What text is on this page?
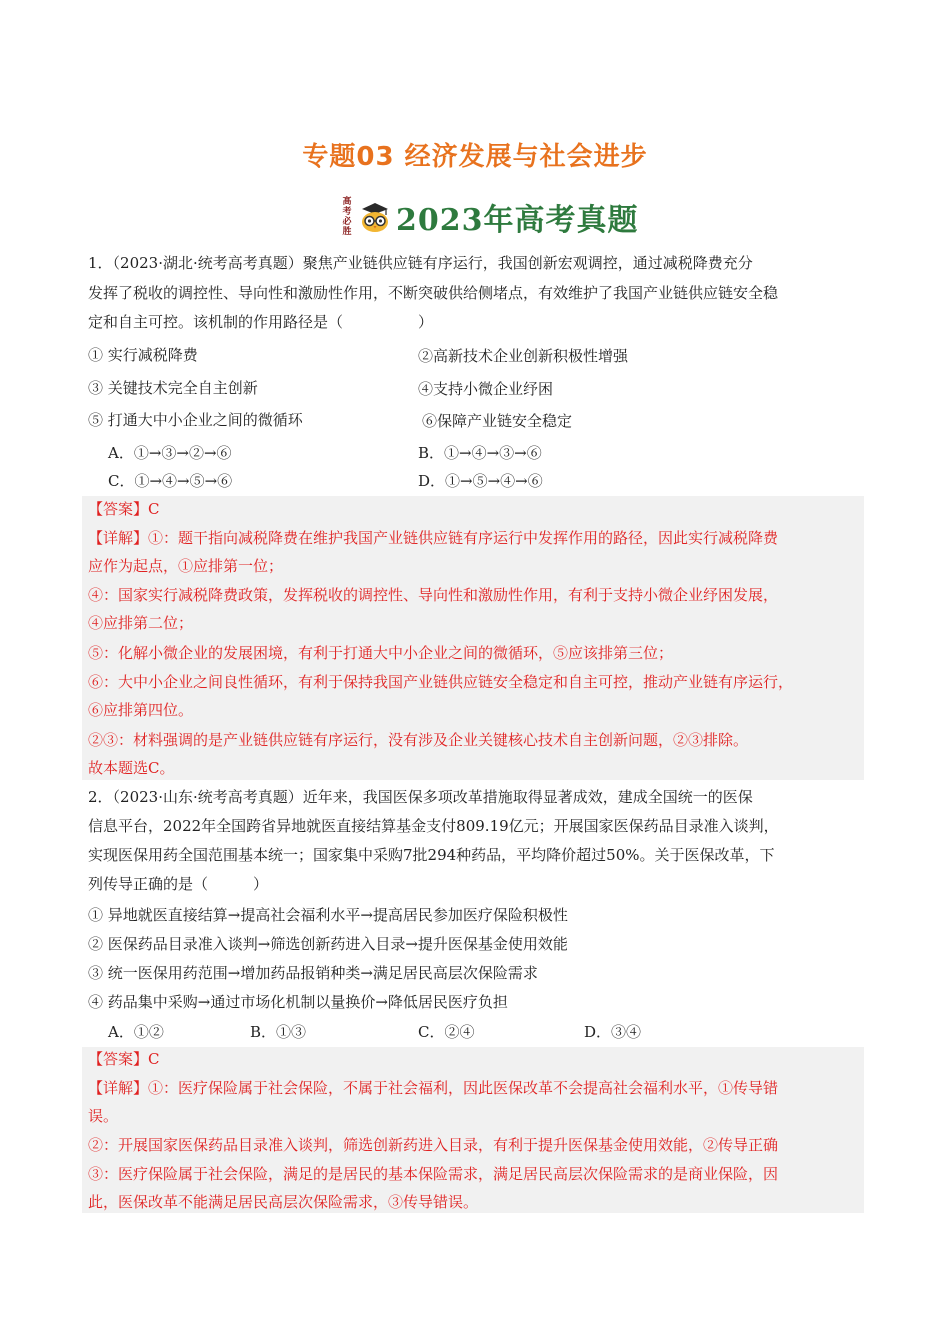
专题03 经济发展与社会进步
高
考
必
胜 2023年高考真题
1．（2023·湖北·统考高考真题）聚焦产业链供应链有序运行，我国创新宏观调控，通过减税降费充分
发挥了税收的调控性、导向性和激励性作用，不断突破供给侧堵点，有效维护了我国产业链供应链安全稳
定和自主可控。该机制的作用路径是（　　　　　）
① 实行减税降费	②高新技术企业创新积极性增强
③ 关键技术完全自主创新	④支持小微企业纾困
⑤ 打通大中小企业之间的微循环	⑥保障产业链安全稳定
A．①→③→②→⑥	B．①→④→③→⑥
C．①→④→⑤→⑥	D．①→⑤→④→⑥
【答案】C
【详解】①：题干指向减税降费在维护我国产业链供应链有序运行中发挥作用的路径，因此实行减税降费
应作为起点，①应排第一位；
④：国家实行减税降费政策，发挥税收的调控性、导向性和激励性作用，有利于支持小微企业纾困发展，
④应排第二位；
⑤：化解小微企业的发展困境，有利于打通大中小企业之间的微循环，⑤应该排第三位；
⑥：大中小企业之间良性循环，有利于保持我国产业链供应链安全稳定和自主可控，推动产业链有序运行，
⑥应排第四位。
②③：材料强调的是产业链供应链有序运行，没有涉及企业关键核心技术自主创新问题，②③排除。
故本题选C。
2．（2023·山东·统考高考真题）近年来，我国医保多项改革措施取得显著成效，建成全国统一的医保
信息平台，2022年全国跨省异地就医直接结算基金支付809.19亿元；开展国家医保药品目录准入谈判，
实现医保用药全国范围基本统一；国家集中采购7批294种药品，平均降价超过50%。关于医保改革，下
列传导正确的是（　　　）
① 异地就医直接结算→提高社会福利水平→提高居民参加医疗保险积极性
② 医保药品目录准入谈判→筛选创新药进入目录→提升医保基金使用效能
③ 统一医保用药范围→增加药品报销种类→满足居民高层次保险需求
④ 药品集中采购→通过市场化机制以量换价→降低居民医疗负担
A．①②	B．①③	C．②④	D．③④
【答案】C
【详解】①：医疗保险属于社会保险，不属于社会福利，因此医保改革不会提高社会福利水平，①传导错
误。
②：开展国家医保药品目录准入谈判，筛选创新药进入目录，有利于提升医保基金使用效能，②传导正确
③：医疗保险属于社会保险，满足的是居民的基本保险需求，满足居民高层次保险需求的是商业保险，因
此，医保改革不能满足居民高层次保险需求，③传导错误。
